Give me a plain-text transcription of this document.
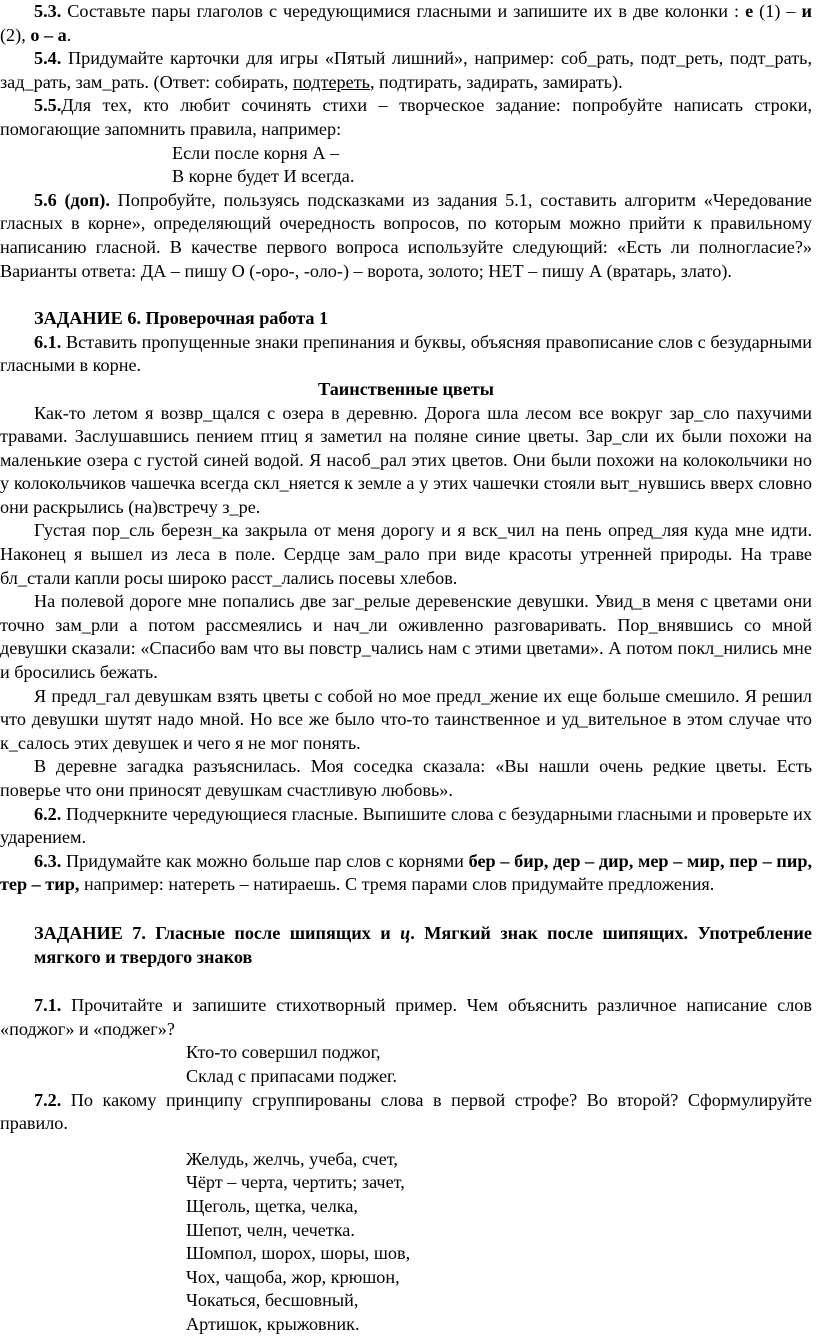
5.3. Составьте пары глаголов с чередующимися гласными и запишите их в две колонки : е (1) – и (2), о – а.

5.4. Придумайте карточки для игры «Пятый лишний», например: соб_рать, подт_реть, подт_рать, зад_рать, зам_рать. (Ответ: собирать, подтереть, подтирать, задирать, замирать).

5.5.Для тех, кто любит сочинять стихи – творческое задание: попробуйте написать строки, помогающие запомнить правила, например:

Если после корня А –

В корне будет И всегда.

5.6 (доп). Попробуйте, пользуясь подсказками из задания 5.1, составить алгоритм «Чередование гласных в корне», определяющий очередность вопросов, по которым можно прийти к правильному написанию гласной. В качестве первого вопроса используйте следующий: «Есть ли полногласие?» Варианты ответа: ДА – пишу О (-оро-, -оло-) – ворота, золото; НЕТ – пишу А (вратарь, злато).

ЗАДАНИЕ 6. Проверочная работа 1

6.1. Вставить пропущенные знаки препинания и буквы, объясняя правописание слов с безударными гласными в корне.

Таинственные цветы

Как-то летом я возвр_щался с озера в деревню. Дорога шла лесом все вокруг зар_сло пахучими травами. Заслушавшись пением птиц я заметил на поляне синие цветы. Зар_сли их были похожи на маленькие озера с густой синей водой. Я насоб_рал этих цветов. Они были похожи на колокольчики но у колокольчиков чашечка всегда скл_няется к земле а у этих чашечки стояли выт_нувшись вверх словно они раскрылись (на)встречу з_ре.

Густая пор_сль березн_ка закрыла от меня дорогу и я вск_чил на пень опред_ляя куда мне идти. Наконец я вышел из леса в поле. Сердце зам_рало при виде красоты утренней природы. На траве бл_стали капли росы широко расст_лались посевы хлебов.

На полевой дороге мне попались две заг_релые деревенские девушки. Увид_в меня с цветами они точно зам_рли а потом рассмеялись и нач_ли оживленно разговаривать. Пор_внявшись со мной девушки сказали: «Спасибо вам что вы повстр_чались нам с этими цветами». А потом покл_нились мне и бросились бежать.

Я предл_гал девушкам взять цветы с собой но мое предл_жение их еще больше смешило. Я решил что девушки шутят надо мной. Но все же было что-то таинственное и уд_вительное в этом случае что к_салось этих девушек и чего я не мог понять.

В деревне загадка разъяснилась. Моя соседка сказала: «Вы нашли очень редкие цветы. Есть поверье что они приносят девушкам счастливую любовь».

6.2. Подчеркните чередующиеся гласные. Выпишите слова с безударными гласными и проверьте их ударением.

6.3. Придумайте как можно больше пар слов с корнями бер – бир, дер – дир, мер – мир, пер – пир, тер – тир, например: натереть – натираешь. С тремя парами слов придумайте предложения.

ЗАДАНИЕ 7. Гласные после шипящих и ц. Мягкий знак после шипящих. Употребление мягкого и твердого знаков

7.1. Прочитайте и запишите стихотворный пример. Чем объяснить различное написание слов «поджог» и «поджег»?

Кто-то совершил поджог,

Склад с припасами поджег.

7.2. По какому принципу сгруппированы слова в первой строфе? Во второй? Сформулируйте правило.

Желудь, желчь, учеба, счет,

Чёрт – черта, чертить; зачет,

Щеголь, щетка, челка,

Шепот, челн, чечетка.

Шомпол, шорох, шоры, шов,

Чох, чащоба, жор, крюшон,

Чокаться, бесшовный,

Артишок, крыжовник.
